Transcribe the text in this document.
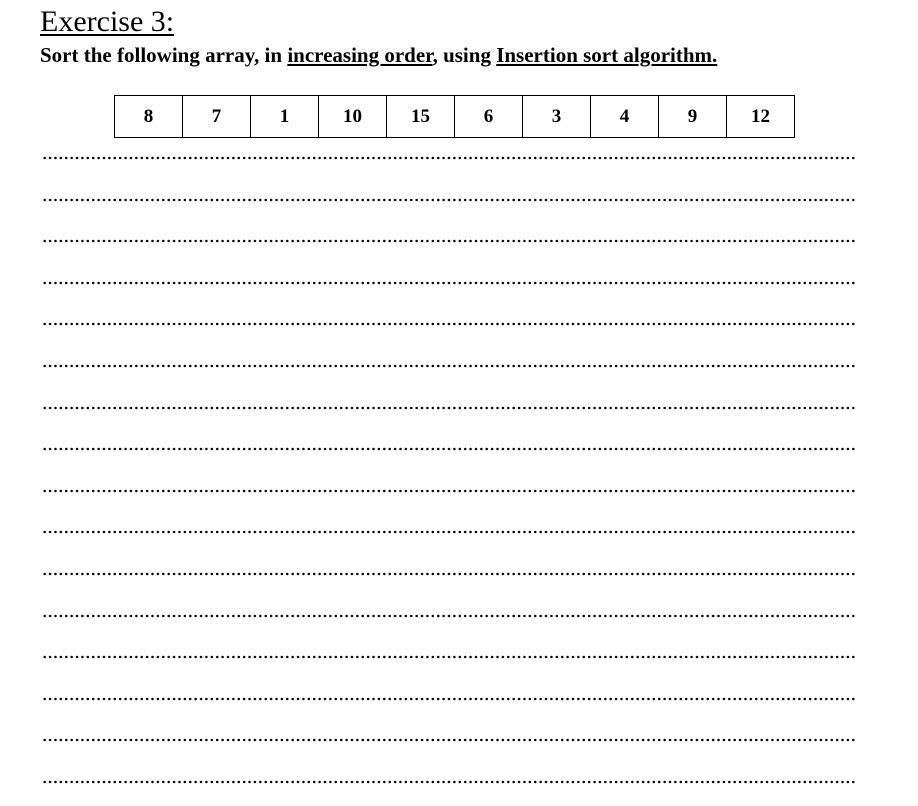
Exercise 3:
Sort the following array, in increasing order, using Insertion sort algorithm.
8	7	1	10	15	6	3	4	9	12
